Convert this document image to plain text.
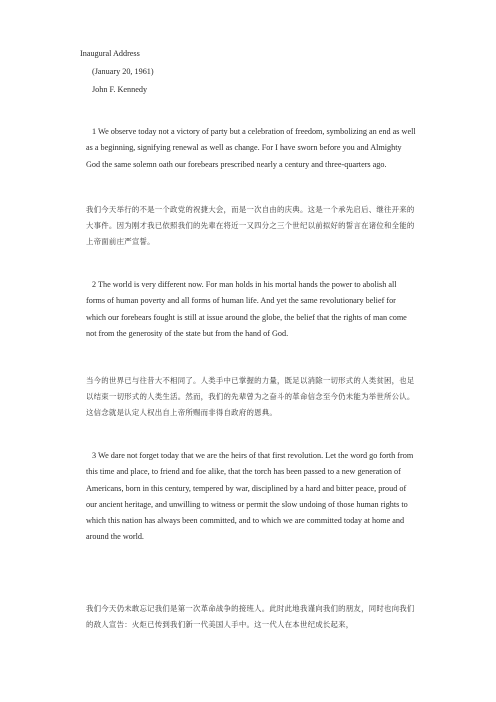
Inaugural Address
(January 20, 1961)
John F. Kennedy

1 We observe today not a victory of party but a celebration of freedom, symbolizing an end as well as a beginning, signifying renewal as well as change. For I have sworn before you and Almighty God the same solemn oath our forebears prescribed nearly a century and three-quarters ago.

我们今天举行的不是一个政党的祝捷大会，而是一次自由的庆典。这是一个承先启后、继往开来的大事件。因为刚才我已依照我们的先辈在将近一又四分之三个世纪以前拟好的誓言在诸位和全能的上帝面前庄严宣誓。

2 The world is very different now. For man holds in his mortal hands the power to abolish all forms of human poverty and all forms of human life. And yet the same revolutionary belief for which our forebears fought is still at issue around the globe, the belief that the rights of man come not from the generosity of the state but from the hand of God.

当今的世界已与往昔大不相同了。人类手中已掌握的力量，既足以消除一切形式的人类贫困，也足以结束一切形式的人类生活。然而，我们的先辈曾为之奋斗的革命信念至今仍未能为举世所公认。这信念就是认定人权出自上帝所赐而非得自政府的恩典。

3 We dare not forget today that we are the heirs of that first revolution. Let the word go forth from this time and place, to friend and foe alike, that the torch has been passed to a new generation of Americans, born in this century, tempered by war, disciplined by a hard and bitter peace, proud of our ancient heritage, and unwilling to witness or permit the slow undoing of those human rights to which this nation has always been committed, and to which we are committed today at home and around the world.

我们今天仍未敢忘记我们是第一次革命战争的接班人。此时此地我谨向我们的朋友，同时也向我们的敌人宣告：火炬已传到我们新一代美国人手中。这一代人在本世纪成长起来，
